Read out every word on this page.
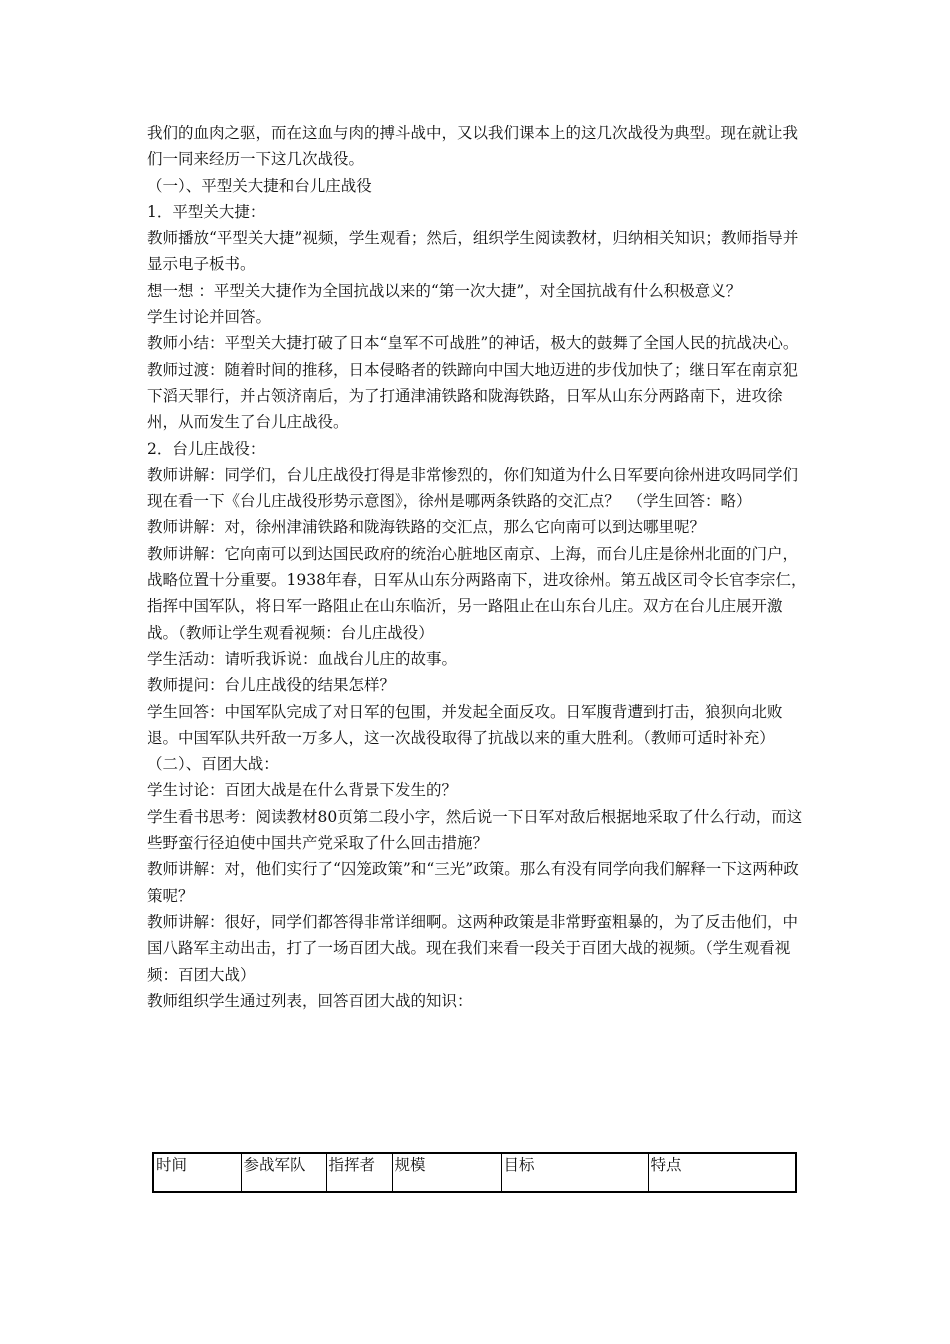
我们的血肉之驱，而在这血与肉的搏斗战中，又以我们课本上的这几次战役为典型。现在就让我们一同来经历一下这几次战役。

（一）、平型关大捷和台儿庄战役

1．平型关大捷：

教师播放“平型关大捷”视频，学生观看；然后，组织学生阅读教材，归纳相关知识；教师指导并显示电子板书。

想一想 ：平型关大捷作为全国抗战以来的“第一次大捷”，对全国抗战有什么积极意义？

学生讨论并回答。

教师小结：平型关大捷打破了日本“皇军不可战胜”的神话，极大的鼓舞了全国人民的抗战决心。

教师过渡：随着时间的推移，日本侵略者的铁蹄向中国大地迈进的步伐加快了；继日军在南京犯下滔天罪行，并占领济南后，为了打通津浦铁路和陇海铁路，日军从山东分两路南下，进攻徐州，从而发生了台儿庄战役。

2．台儿庄战役：

教师讲解：同学们，台儿庄战役打得是非常惨烈的，你们知道为什么日军要向徐州进攻吗同学们现在看一下《台儿庄战役形势示意图》，徐州是哪两条铁路的交汇点？　（学生回答：略）

教师讲解：对，徐州津浦铁路和陇海铁路的交汇点，那么它向南可以到达哪里呢？

教师讲解：它向南可以到达国民政府的统治心脏地区南京、上海，而台儿庄是徐州北面的门户，战略位置十分重要。1938年春，日军从山东分两路南下，进攻徐州。第五战区司令长官李宗仁，指挥中国军队，将日军一路阻止在山东临沂，另一路阻止在山东台儿庄。双方在台儿庄展开激战。（教师让学生观看视频：台儿庄战役）

学生活动：请听我诉说：血战台儿庄的故事。

教师提问：台儿庄战役的结果怎样？

学生回答：中国军队完成了对日军的包围，并发起全面反攻。日军腹背遭到打击，狼狈向北败退。中国军队共歼敌一万多人，这一次战役取得了抗战以来的重大胜利。（教师可适时补充）

（二）、百团大战：

学生讨论：百团大战是在什么背景下发生的？

学生看书思考：阅读教材80页第二段小字，然后说一下日军对敌后根据地采取了什么行动，而这些野蛮行径迫使中国共产党采取了什么回击措施？

教师讲解：对，他们实行了“囚笼政策”和“三光”政策。那么有没有同学向我们解释一下这两种政策呢？

教师讲解：很好，同学们都答得非常详细啊。这两种政策是非常野蛮粗暴的，为了反击他们，中国八路军主动出击，打了一场百团大战。现在我们来看一段关于百团大战的视频。（学生观看视频：百团大战）

教师组织学生通过列表，回答百团大战的知识：

时间	参战军队	指挥者	规模	目标	特点
